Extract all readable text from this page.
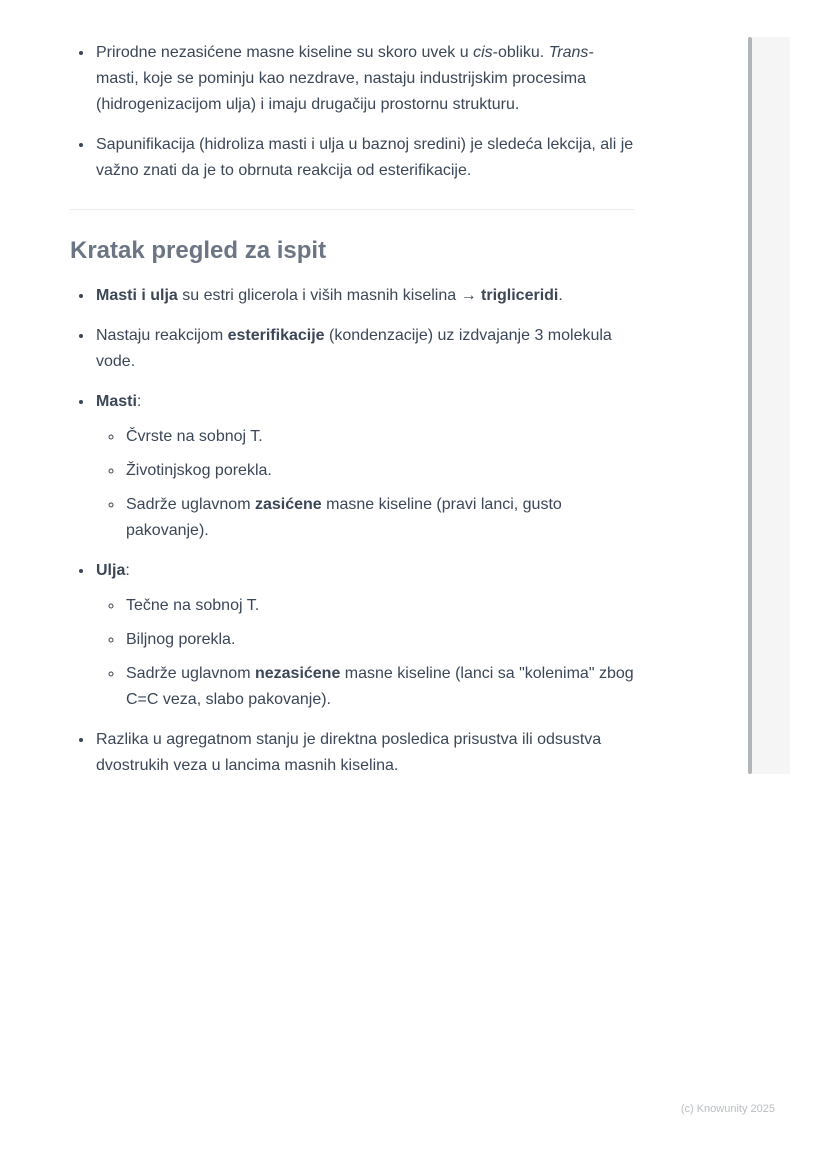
• Prirodne nezasićene masne kiseline su skoro uvek u cis-obliku. Trans-masti, koje se pominju kao nezdrave, nastaju industrijskim procesima (hidrogenizacijom ulja) i imaju drugačiju prostornu strukturu.
• Sapunifikacija (hidroliza masti i ulja u baznoj sredini) je sledeća lekcija, ali je važno znati da je to obrnuta reakcija od esterifikacije.
Kratak pregled za ispit
• Masti i ulja su estri glicerola i viših masnih kiselina → trigliceridi.
• Nastaju reakcijom esterifikacije (kondenzacije) uz izdvajanje 3 molekula vode.
• Masti:
◦ Čvrste na sobnoj T.
◦ Životinjskog porekla.
◦ Sadrže uglavnom zasićene masne kiseline (pravi lanci, gusto pakovanje).
• Ulja:
◦ Tečne na sobnoj T.
◦ Biljnog porekla.
◦ Sadrže uglavnom nezasićene masne kiseline (lanci sa "kolenima" zbog C=C veza, slabo pakovanje).
• Razlika u agregatnom stanju je direktna posledica prisustva ili odsustva dvostrukih veza u lancima masnih kiselina.
(c) Knowunity 2025
